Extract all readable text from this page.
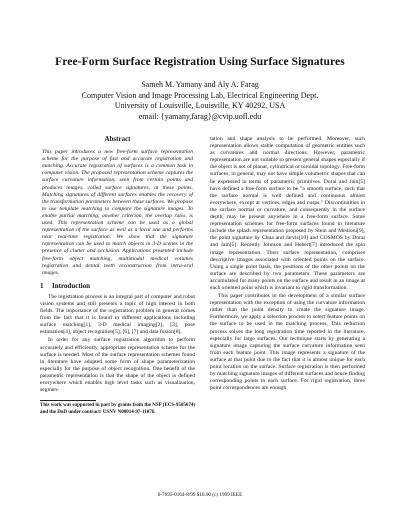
Free-Form Surface Registration Using Surface Signatures
Sameh M. Yamany and Aly A. Farag
Computer Vision and Image Processing Lab, Electrical Engineering Dept.
University of Louisville, Louisville, KY 40292, USA
email: {yamany,farag}@cvip.uofl.edu
Abstract

This paper introduces a new free-form surface representation scheme for the purpose of fast and accurate registration and matching. Accurate registration of surfaces is a common task in computer vision. The proposed representation scheme captures the surface curvature information, seen from certain points and produces images, called surface signatures, at these points. Matching signatures of different surfaces enables the recovery of the transformation parameters between these surfaces. We propose to use template matching to compare the signature images. To enable partial matching, another criterion, the overlap ratio, is used. This representation scheme can be used as a global representation of the surface as well as a local one and performs near real-time registration. We show that the signature representation can be used to match objects in 3-D scenes in the presence of clutter and occlusion. Applications presented include free-form object matching, multimodal medical volumes registration and dental teeth reconstruction from intra-oral images.

1 Introduction

The registration process is an integral part of computer and robot vision systems and still presents a topic of high interest in both fields. The importance of the registration problem in general comes from the fact that it is found in different applications including surface matching[1], 3-D medical imaging[2], [3], pose estimation[4], object recognition[5], [6], [7] and data fusion[8].

In order for any surface registration algorithm to perform accurately and efficiently, appropriate representation scheme for the surface is needed. Most of the surface representation schemes found in literature have adopted some form of shape parameterization especially for the purpose of object recognition. One benefit of the parametric representation is that the shape of the object is defined everywhere which enables high level tasks such as visualization, segmen-

This work was supported in part by grants from the NSF (ECS-9505674) and the DoD under contract: USNV N00014-97-11076.

tation and shape analysis to be performed. Moreover, such representation allows stable computation of geometric entities such as curvatures and normal directions. However, parametric representation are not suitable to present general shapes especially if the object is not of planar, cylindrical or toroidal topology. Free-form surfaces, in general, may not have simple volumetric shapes that can be expressed in terms of parametric primitives. Dorai and Jain[5] have defined a free-form surface to be "a smooth surface, such that the surface normal is well defined and continuous almost everywhere, except at vertices, edges and cusps." Discontinuities in the surface normal or curvature, and consequently in the surface depth, may be present anywhere in a free-form surface. Some representation schemes for free-form surfaces found in literature include the splash representation proposed by Stein and Medioni[9], the point signature by Chua and Jarvis[10] and COSMOS by Dorai and Jain[5]. Recently Johnson and Hebert[7] introduced the spin image representation. Their surface representation, comprises descriptive images associated with oriented points on the surface. Using a single point basis, the positions of the other points on the surface are described by two parameters. These parameters are accumulated for many points on the surface and result in an image at each oriented point which is invariant to rigid transformation.

This paper contributes in the development of a similar surface representation with the exception of using the curvature information rather than the point density to create the signature image. Furthermore, we apply a selection process to select feature points on the surface to be used in the matching process. This reduction process solves the long registration time reported in the literature, especially for large surfaces. Our technique starts by generating a signature image capturing the surface curvature information seen from each feature point. This image represents a signature of the surface at that point due to the fact that it is almost unique for each point location on the surface. Surface registration is then performed by matching signature images of different surfaces and hence finding corresponding points in each surface. For rigid registration, three point correspondences are enough

0-7695-0164-8/99 $10.00 (c) 1999 IEEE
